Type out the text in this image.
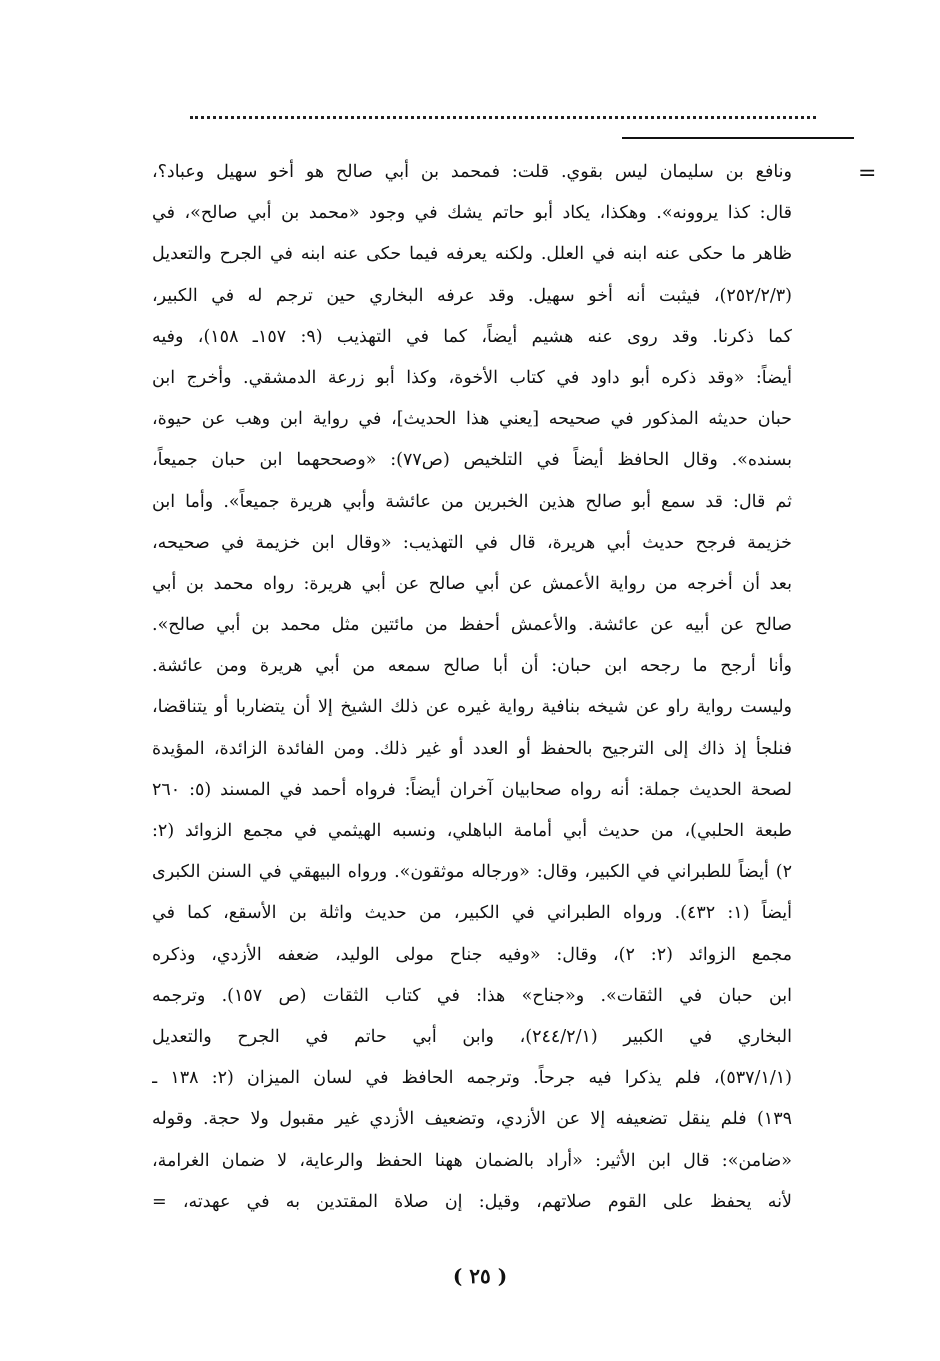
=
ونافع بن سليمان ليس بقوي. قلت: فمحمد بن أبي صالح هو أخو سهيل وعباد؟،
قال: كذا يروونه». وهكذا، يكاد أبو حاتم يشك في وجود «محمد بن أبي صالح»، في
ظاهر ما حكى عنه ابنه في العلل. ولكنه يعرفه فيما حكى عنه ابنه في الجرح والتعديل
(٢٥٢/٢/٣)، فيثبت أنه أخو سهيل. وقد عرفه البخاري حين ترجم له في الكبير،
كما ذكرنا. وقد روى عنه هشيم أيضاً، كما في التهذيب (٩: ١٥٧ـ ١٥٨)، وفيه
أيضاً: «وقد ذكره أبو داود في كتاب الأخوة، وكذا أبو زرعة الدمشقي. وأخرج ابن
حبان حديثه المذكور في صحيحه [يعني هذا الحديث]، في رواية ابن وهب عن حيوة،
بسنده». وقال الحافظ أيضاً في التلخيص (ص٧٧): «وصححهما ابن حبان جميعاً،
ثم قال: قد سمع أبو صالح هذين الخبرين من عائشة وأبي هريرة جميعاً». وأما ابن
خزيمة فرجح حديث أبي هريرة، قال في التهذيب: «وقال ابن خزيمة في صحيحه،
بعد أن أخرجه من رواية الأعمش عن أبي صالح عن أبي هريرة: رواه محمد بن أبي
صالح عن أبيه عن عائشة. والأعمش أحفظ من مائتين مثل محمد بن أبي صالح».
وأنا أرجح ما رجحه ابن حبان: أن أبا صالح سمعه من أبي هريرة ومن عائشة.
وليست رواية راو عن شيخه بنافية رواية غيره عن ذلك الشيخ إلا أن يتضاربا أو يتناقضا،
فنلجأ إذ ذاك إلى الترجيح بالحفظ أو العدد أو غير ذلك. ومن الفائدة الزائدة، المؤيدة
لصحة الحديث جملة: أنه رواه صحابيان آخران أيضاً: فرواه أحمد في المسند (٥: ٢٦٠
طبعة الحلبي)، من حديث أبي أمامة الباهلي، ونسبه الهيثمي في مجمع الزوائد (٢:
٢) أيضاً للطبراني في الكبير، وقال: «ورجاله موثقون». ورواه البيهقي في السنن الكبرى
أيضاً (١: ٤٣٢). ورواه الطبراني في الكبير، من حديث واثلة بن الأسقع، كما في
مجمع الزوائد (٢: ٢)، وقال: «وفيه جناح مولى الوليد، ضعفه الأزدي، وذكره
ابن حبان في الثقات». و«جناح» هذا: في كتاب الثقات (ص ١٥٧). وترجمه
البخاري في الكبير (٢٤٤/٢/١)، وابن أبي حاتم في الجرح والتعديل
(٥٣٧/١/١)، فلم يذكرا فيه جرحاً. وترجمه الحافظ في لسان الميزان (٢: ١٣٨ ـ
١٣٩) فلم ينقل تضعيفه إلا عن الأزدي، وتضعيف الأزدي غير مقبول ولا حجة. وقوله
«ضامن»: قال ابن الأثير: «أراد بالضمان ههنا الحفظ والرعاية، لا ضمان الغرامة،
لأنه يحفظ على القوم صلاتهم، وقيل: إن صلاة المقتدين به في عهدته، =
( ٢٥ )
